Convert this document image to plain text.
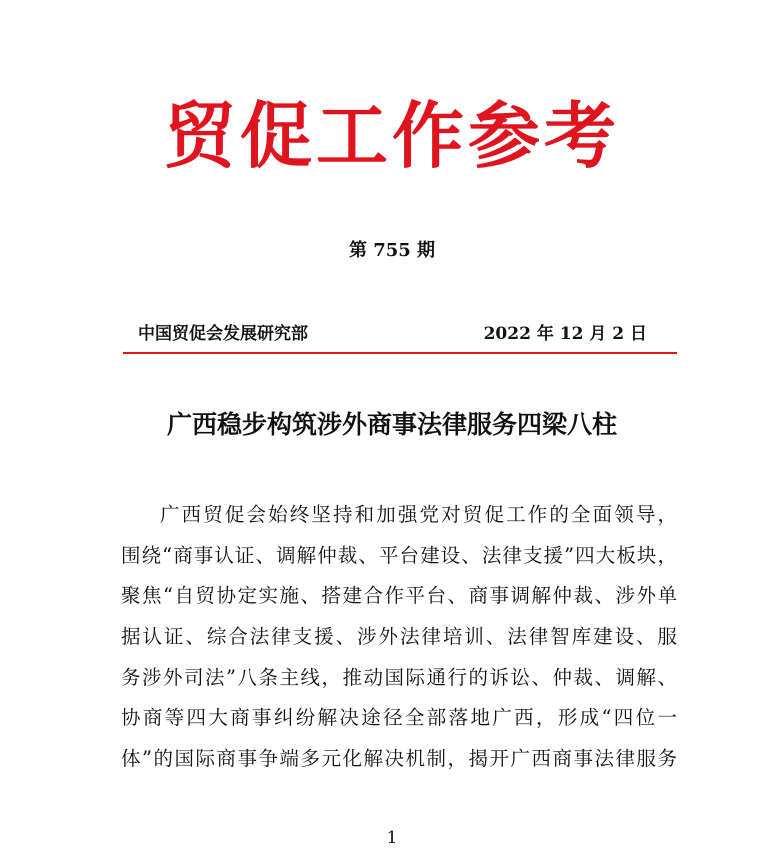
贸促工作参考
第 755 期
中国贸促会发展研究部	2022 年 12 月 2 日
广西稳步构筑涉外商事法律服务四梁八柱
广西贸促会始终坚持和加强党对贸促工作的全面领导，
围绕“商事认证、调解仲裁、平台建设、法律支援”四大板块，
聚焦“自贸协定实施、搭建合作平台、商事调解仲裁、涉外单
据认证、综合法律支援、涉外法律培训、法律智库建设、服
务涉外司法”八条主线，推动国际通行的诉讼、仲裁、调解、
协商等四大商事纠纷解决途径全部落地广西，形成“四位一
体”的国际商事争端多元化解决机制，揭开广西商事法律服务
1
